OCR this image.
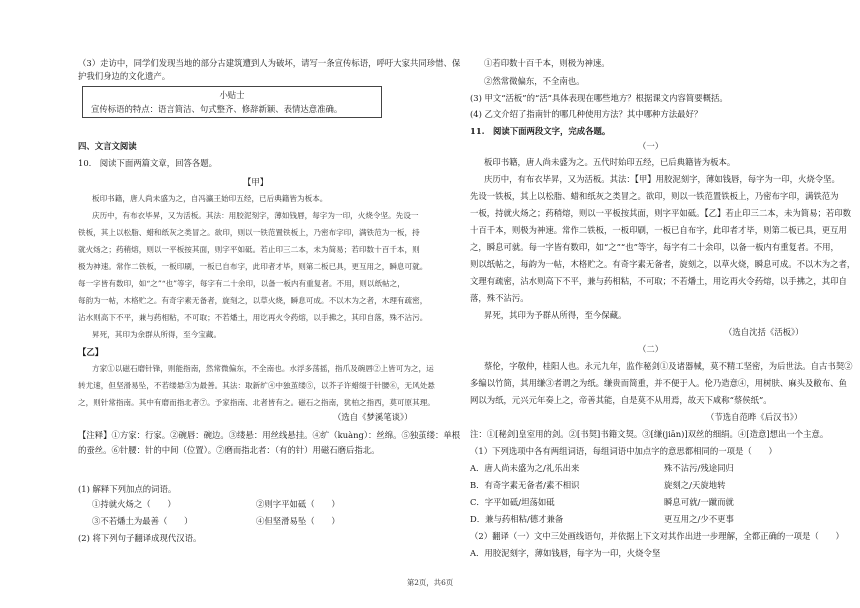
（3）走访中，同学们发现当地的部分古建筑遭到人为破坏，请写一条宣传标语，呼吁大家共同珍惜、保
护我们身边的文化遗产。
小贴士
宣传标语的特点：语言简洁、句式整齐、修辞新颖、表情达意准确。
四、文言文阅读
10.　阅读下面两篇文章，回答各题。
【甲】
板印书籍，唐人尚未盛为之，自冯瀛王始印五经，已后典籍皆为板本。
庆历中，有布衣毕昇，又为活板。其法：用胶泥刻字，薄如钱唇，每字为一印，火烧令坚。先设一
铁板，其上以松脂、蜡和纸灰之类冒之。欲印，则以一铁范置铁板上，乃密布字印，满铁范为一板，持
就火炀之；药稍熔，则以一平板按其面，则字平如砥。若止印三二本，未为简易；若印数十百千本，则
极为神速。常作二铁板，一板印刷，一板已自布字，此印者才毕，则第二板已具，更互用之，瞬息可就。
每一字皆有数印，如“之”“也”等字，每字有二十余印，以备一板内有重复者。不用，则以纸帖之，
每韵为一帖，木格贮之。有奇字素无备者，旋刻之，以草火烧，瞬息可成。不以木为之者，木理有疏密，
沾水则高下不平，兼与药相粘，不可取；不若燔土，用讫再火令药熔，以手拂之，其印自落，殊不沾污。
昇死，其印为余群从所得，至今宝藏。
【乙】
方家①以磁石磨针锋，则能指南，然常微偏东，不全南也。水浮多荡摇，指爪及碗唇②上皆可为之，运
转尤速，但坚滑易坠，不若缕悬③为最善。其法：取新纩④中独茧缕⑤，以芥子许蜡缀于针腰⑥，无风处悬
之，则针常指南。其中有磨而指北者⑦。予家指南、北者皆有之。磁石之指南，犹柏之指西，莫可原其理。
（选自《梦溪笔谈》）
【注释】①方家：行家。②碗唇：碗边。③缕悬：用丝线悬挂。④纩（kuàng）：丝绵。⑤独茧缕：单根
的蚕丝。⑥针腰：针的中间（位置）。⑦磨而指北者：（有的针）用磁石磨后指北。
(1) 解释下列加点的词语。
①持就火炀之（　　）	②则字平如砥（　　）
③不若燔土为最善（　　）	④但坚滑易坠（　　）
(2) 将下列句子翻译成现代汉语。
①若印数十百千本，则极为神速。
②然常微偏东，不全南也。
(3) 甲文“活板”的“活”具体表现在哪些地方？根据课文内容简要概括。
(4) 乙文介绍了指南针的哪几种使用方法？其中哪种方法最好？
11.　阅读下面两段文字，完成各题。
（一）
板印书籍，唐人尚未盛为之。五代时始印五经，已后典籍皆为板本。
庆历中，有布衣毕昇，又为活板。其法：【甲】用胶泥刻字，薄如钱唇，每字为一印，火烧令坚。
先设一铁板，其上以松脂、蜡和纸灰之类冒之。欲印，则以一铁范置铁板上，乃密布字印，满铁范为
一板，持就火炀之；药稍熔，则以一平板按其面，则字平如砥。【乙】若止印三二本，未为简易；若印数
十百千本，则极为神速。常作二铁板，一板印刷，一板已自布字，此印者才毕，则第二板已具，更互用
之，瞬息可就。每一字皆有数印，如“之”“也”等字，每字有二十余印，以备一板内有重复者。不用，
则以纸帖之，每韵为一帖，木格贮之。有奇字素无备者，旋刻之，以草火烧，瞬息可成。不以木为之者，
文理有疏密，沾水则高下不平，兼与药相粘，不可取；不若燔土，用讫再火令药熔，以手拂之，其印自
落，殊不沾污。
昇死，其印为予群从所得，至今保藏。
（选自沈括《活板》）
（二）
蔡伦，字敬仲，桂阳人也。永元九年，监作秘剑①及诸器械，莫不精工坚密，为后世法。自古书契②
多编以竹简，其用缣③者谓之为纸。缣贵而简重，并不便于人。伦乃造意④，用树肤、麻头及敝布、鱼
网以为纸，元兴元年奏上之，帝善其能，自是莫不从用焉，故天下咸称“蔡侯纸”。
（节选自范晔《后汉书》）
注：①[秘剑]皇室用的剑。②[书契]书籍文契。③[缣(jiān)]双丝的细绢。④[造意]想出一个主意。
（1）下列选项中各有两组词语，每组词语中加点字的意思都相同的一项是（　　）
A．唐人尚未盛为之/礼乐出来	殊不沾污/残途同归
B．有奇字素无备者/素不相识	旋刻之/天旋地转
C．字平如砥/坦荡如砥	瞬息可就/一蹴而就
D．兼与药相粘/德才兼备	更互用之/少不更事
（2）翻译（一）文中三处画线语句，并依据上下文对其作出进一步理解，全都正确的一项是（　　）
A．用胶泥刻字，薄如钱唇，每字为一印，火烧令坚
第2页，共6页
